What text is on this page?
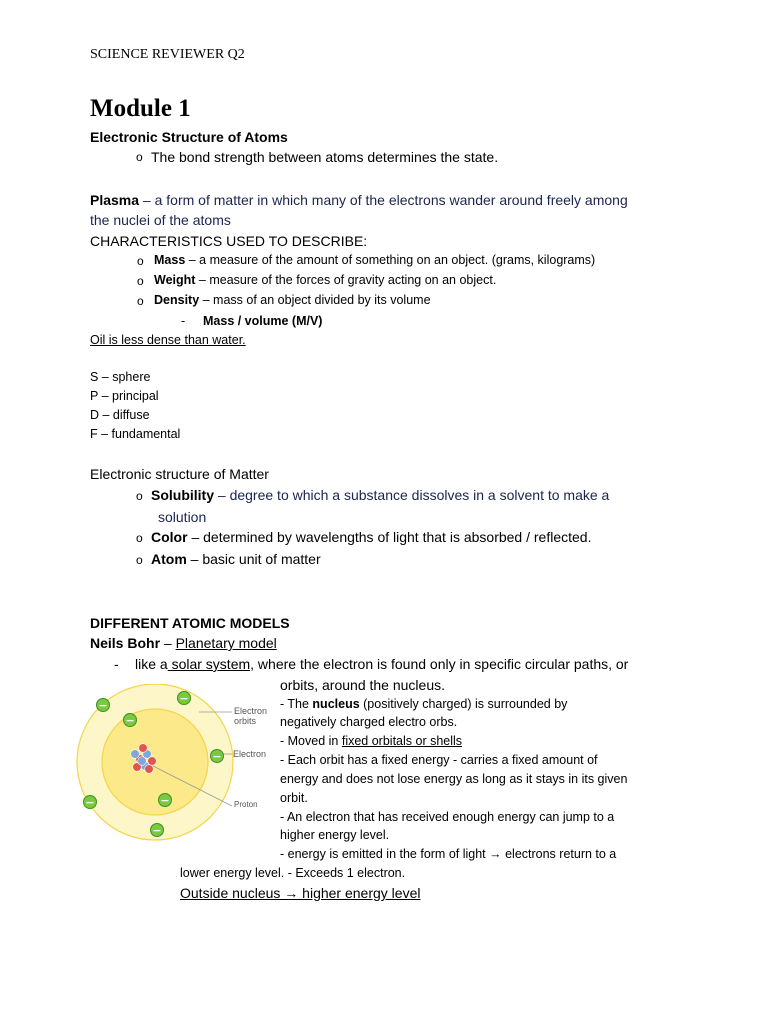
SCIENCE REVIEWER Q2
Module 1
Electronic Structure of Atoms
o The bond strength between atoms determines the state.
Plasma – a form of matter in which many of the electrons wander around freely among
the nuclei of the atoms
CHARACTERISTICS USED TO DESCRIBE:
o Mass – a measure of the amount of something on an object. (grams, kilograms)
o Weight – measure of the forces of gravity acting on an object.
o Density – mass of an object divided by its volume
- Mass / volume (M/V)
Oil is less dense than water.
S – sphere
P – principal
D – diffuse
F – fundamental
Electronic structure of Matter
o Solubility – degree to which a substance dissolves in a solvent to make a
solution
o Color – determined by wavelengths of light that is absorbed / reflected.
o Atom – basic unit of matter
DIFFERENT ATOMIC MODELS
Neils Bohr – Planetary model
- like a solar system, where the electron is found only in specific circular paths, or
orbits, around the nucleus.
−
−
−
−
−
−
−
Electron
orbits
Electron
Proton
- The nucleus (positively charged) is surrounded by
negatively charged electro orbs.
- Moved in fixed orbitals or shells
- Each orbit has a fixed energy - carries a fixed amount of
energy and does not lose energy as long as it stays in its given
orbit.
- An electron that has received enough energy can jump to a
higher energy level.
- energy is emitted in the form of light → electrons return to a
lower energy level. - Exceeds 1 electron.
Outside nucleus → higher energy level
